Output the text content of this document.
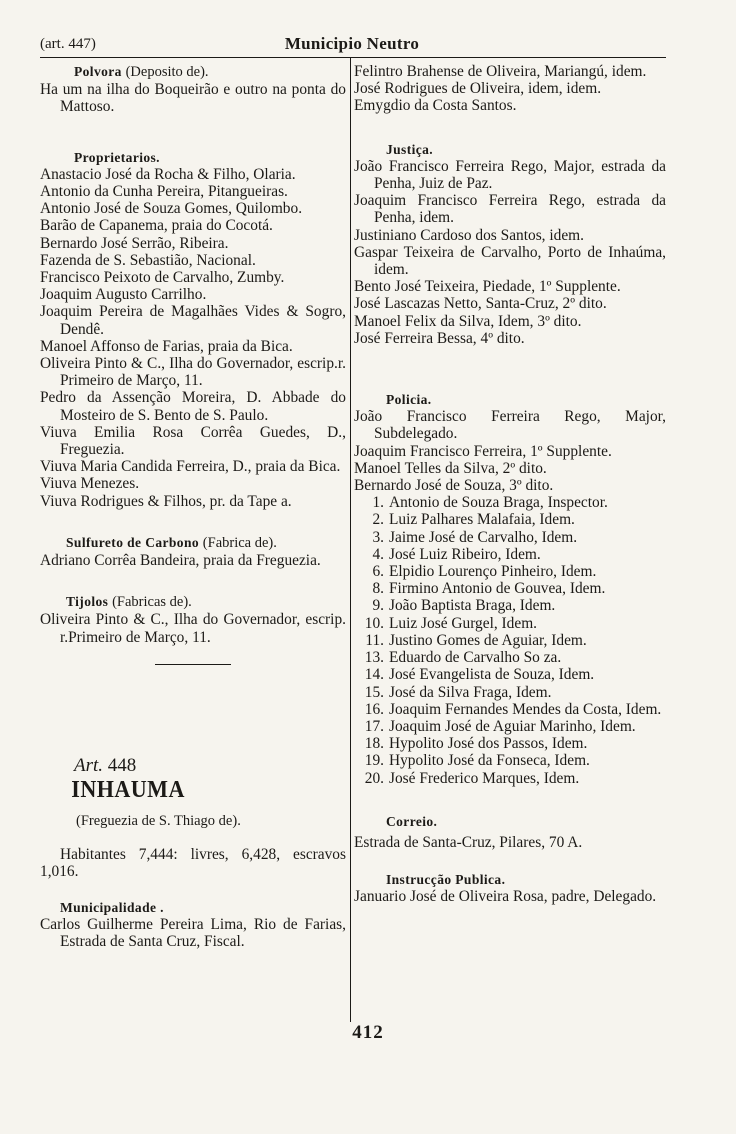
(art. 447)	Municipio Neutro

Polvora (Deposito de).

Ha um na ilha do Boqueirão e outro na ponta do Mattoso.

Proprietarios.

Anastacio José da Rocha & Filho, Olaria.

Antonio da Cunha Pereira, Pitangueiras.

Antonio José de Souza Gomes, Quilombo.

Barão de Capanema, praia do Cocotá.

Bernardo José Serrão, Ribeira.

Fazenda de S. Sebastião, Nacional.

Francisco Peixoto de Carvalho, Zumby.

Joaquim Augusto Carrilho.

Joaquim Pereira de Magalhães Vides & Sogro, Dendê.

Manoel Affonso de Farias, praia da Bica.

Oliveira Pinto & C., Ilha do Governador, escrip.r. Primeiro de Março, 11.

Pedro da Assenção Moreira, D. Abbade do Mosteiro de S. Bento de S. Paulo.

Viuva Emilia Rosa Corrêa Guedes, D., Freguezia.

Viuva Maria Candida Ferreira, D., praia da Bica.

Viuva Menezes.

Viuva Rodrigues & Filhos, pr. da Tape a.

Sulfureto de Carbono (Fabrica de).

Adriano Corrêa Bandeira, praia da Freguezia.

Tijolos (Fabricas de).

Oliveira Pinto & C., Ilha do Governador, escrip. r.Primeiro de Março, 11.

Art. 448

INHAUMA

(Freguezia de S. Thiago de).

Habitantes 7,444: livres, 6,428, escravos 1,016.

Municipalidade .

Carlos Guilherme Pereira Lima, Rio de Farias, Estrada de Santa Cruz, Fiscal.

Felintro Brahense de Oliveira, Mariangú, idem.

José Rodrigues de Oliveira, idem, idem.

Emygdio da Costa Santos.

Justiça.

João Francisco Ferreira Rego, Major, estrada da Penha, Juiz de Paz.

Joaquim Francisco Ferreira Rego, estrada da Penha, idem.

Justiniano Cardoso dos Santos, idem.

Gaspar Teixeira de Carvalho, Porto de Inhaúma, idem.

Bento José Teixeira, Piedade, 1º Supplente.

José Lascazas Netto, Santa-Cruz, 2º dito.

Manoel Felix da Silva, Idem, 3º dito.

José Ferreira Bessa, 4º dito.

Policia.

João Francisco Ferreira Rego, Major, Subdelegado.

Joaquim Francisco Ferreira, 1º Supplente.

Manoel Telles da Silva, 2º dito.

Bernardo José de Souza, 3º dito.

1. Antonio de Souza Braga, Inspector.
2. Luiz Palhares Malafaia, Idem.
3. Jaime José de Carvalho, Idem.
4. José Luiz Ribeiro, Idem.
6. Elpidio Lourenço Pinheiro, Idem.
8. Firmino Antonio de Gouvea, Idem.
9. João Baptista Braga, Idem.
10. Luiz José Gurgel, Idem.
11. Justino Gomes de Aguiar, Idem.
13. Eduardo de Carvalho So za.
14. José Evangelista de Souza, Idem.
15. José da Silva Fraga, Idem.
16. Joaquim Fernandes Mendes da Costa, Idem.
17. Joaquim José de Aguiar Marinho, Idem.
18. Hypolito José dos Passos, Idem.
19. Hypolito José da Fonseca, Idem.
20. José Frederico Marques, Idem.

Correio.

Estrada de Santa-Cruz, Pilares, 70 A.

Instrucção Publica.

Januario José de Oliveira Rosa, padre, Delegado.

412
